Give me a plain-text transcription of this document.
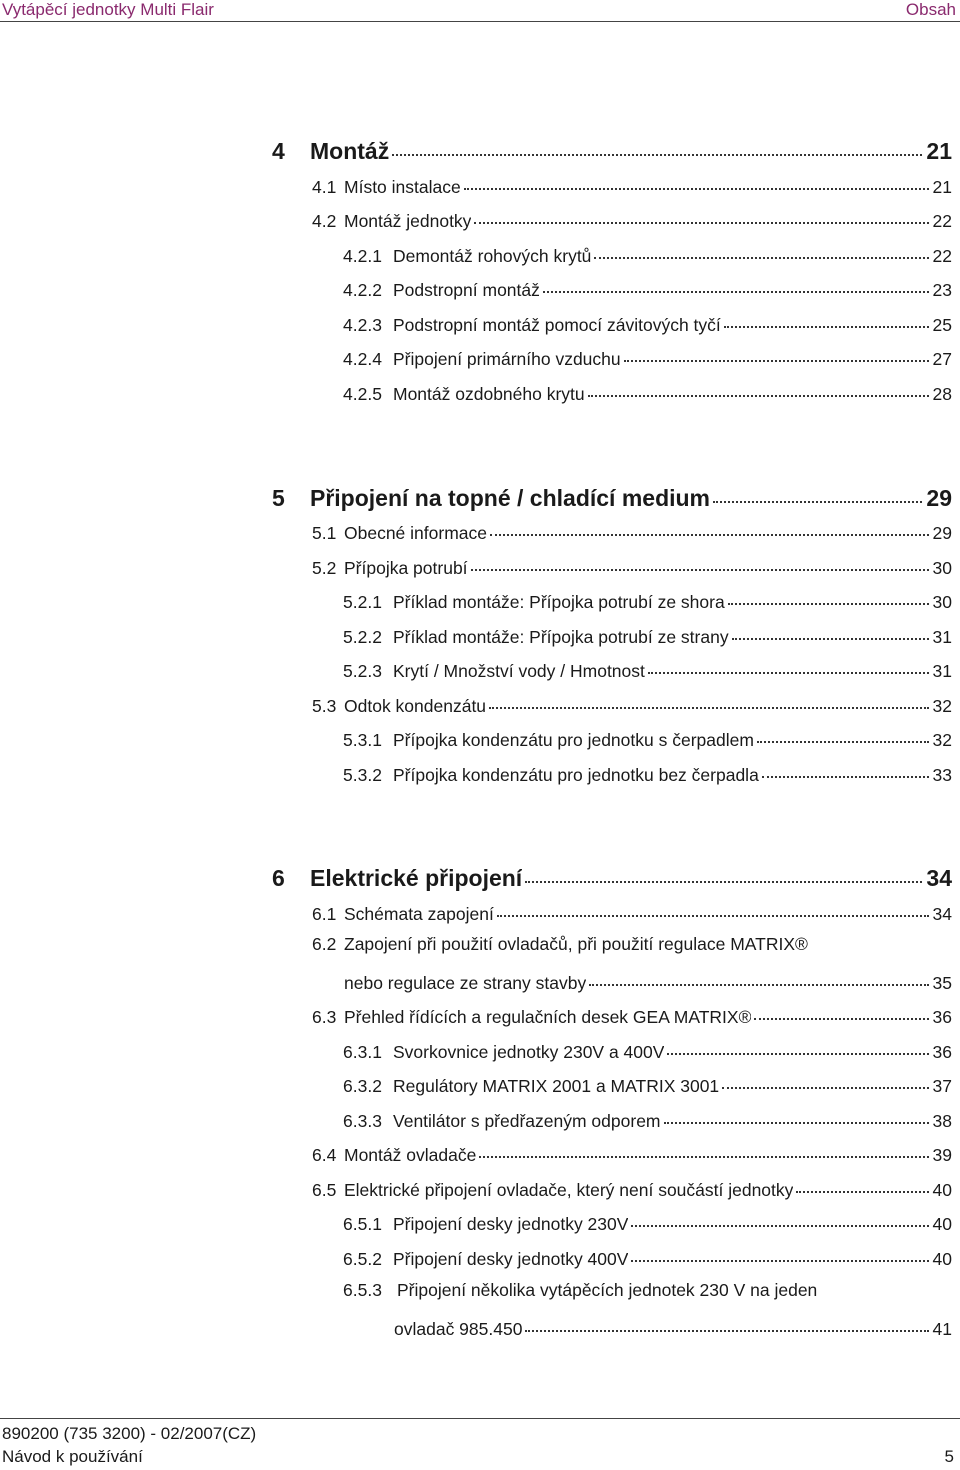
Vytápěcí jednotky Multi Flair	Obsah
4	Montáž	21
4.1 Místo instalace	21
4.2 Montáž jednotky	22
4.2.1 Demontáž rohových krytů	22
4.2.2 Podstropní montáž	23
4.2.3 Podstropní montáž pomocí závitových tyčí	25
4.2.4 Připojení primárního vzduchu	27
4.2.5 Montáž ozdobného krytu	28
5	Připojení na topné / chladící medium	29
5.1 Obecné informace	29
5.2 Přípojka potrubí	30
5.2.1 Příklad montáže: Přípojka potrubí ze shora	30
5.2.2 Příklad montáže: Přípojka potrubí ze strany	31
5.2.3 Krytí / Množství vody / Hmotnost	31
5.3 Odtok kondenzátu	32
5.3.1 Přípojka kondenzátu pro jednotku s čerpadlem	32
5.3.2 Přípojka kondenzátu pro jednotku bez čerpadla	33
6	Elektrické připojení	34
6.1 Schémata zapojení	34
6.2 Zapojení při použití ovladačů, při použití regulace MATRIX®
nebo regulace ze strany stavby	35
6.3 Přehled řídících a regulačních desek GEA MATRIX®	36
6.3.1 Svorkovnice jednotky 230V a 400V	36
6.3.2 Regulátory MATRIX 2001 a MATRIX 3001	37
6.3.3 Ventilátor s předřazeným odporem	38
6.4 Montáž ovladače	39
6.5 Elektrické připojení ovladače, který není součástí jednotky	40
6.5.1 Připojení desky jednotky 230V	40
6.5.2 Připojení desky jednotky 400V	40
6.5.3 Připojení několika vytápěcích jednotek 230 V na jeden
ovladač 985.450	41
890200 (735 3200) - 02/2007(CZ)
Návod k používání	5
